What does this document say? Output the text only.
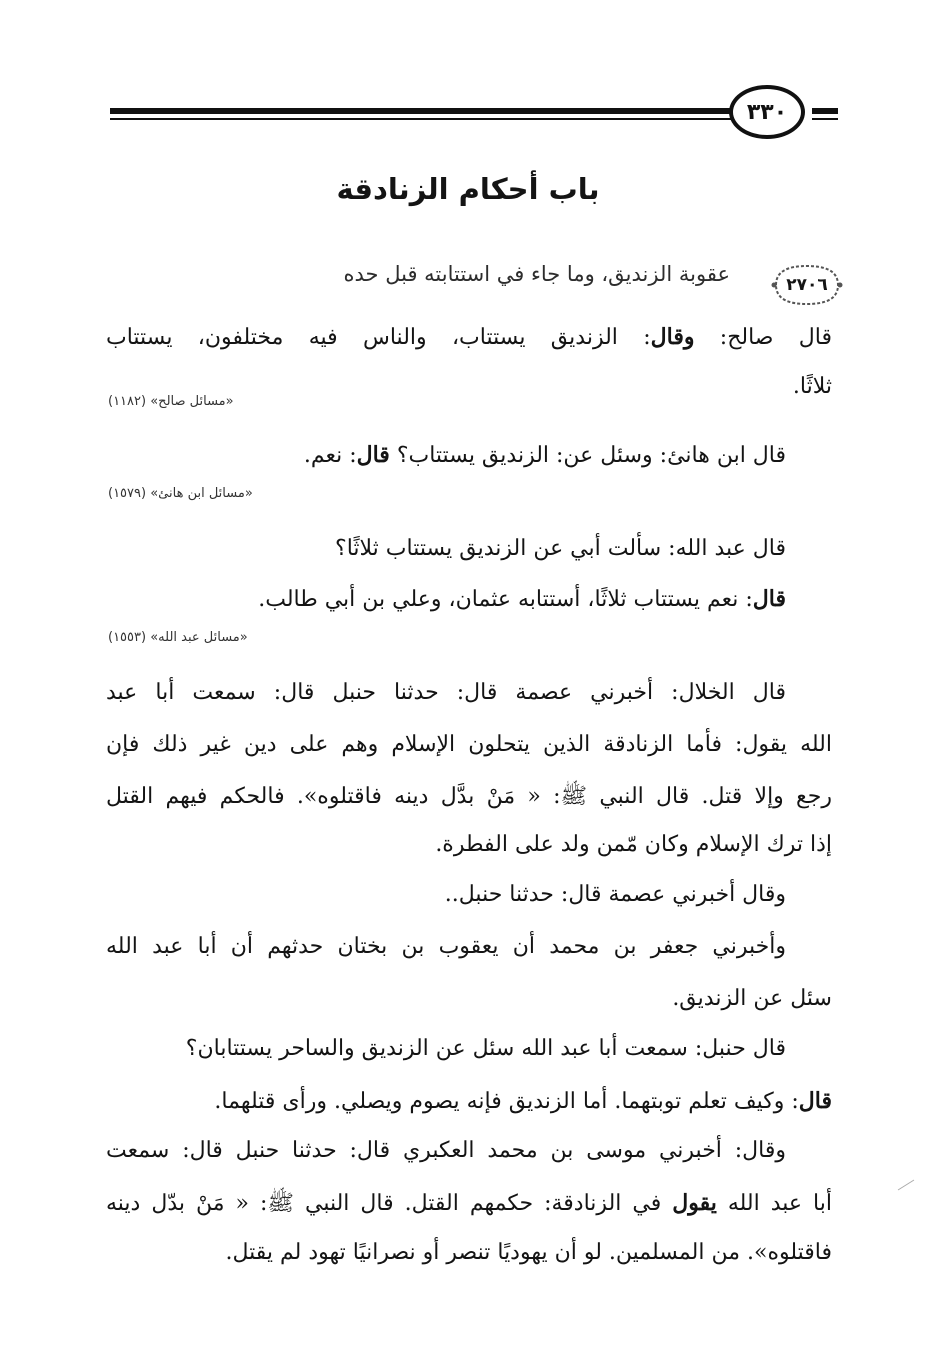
٣٣٠
باب أحكام الزنادقة
٢٧٠٦
عقوبة الزنديق، وما جاء في استتابته قبل حده
قال صالح: وقال: الزنديق يستتاب، والناس فيه مختلفون، يستتاب
ثلاثًا.
«مسائل صالح» (١١٨٢)
قال ابن هانئ: وسئل عن: الزنديق يستتاب؟ قال: نعم.
«مسائل ابن هانئ» (١٥٧٩)
قال عبد الله: سألت أبي عن الزنديق يستتاب ثلاثًا؟
قال: نعم يستتاب ثلاثًا، أستتابه عثمان، وعلي بن أبي طالب.
«مسائل عبد الله» (١٥٥٣)
قال الخلال: أخبرني عصمة قال: حدثنا حنبل قال: سمعت أبا عبد
الله يقول: فأما الزنادقة الذين يتحلون الإسلام وهم على دين غير ذلك فإن
رجع وإلا قتل. قال النبي ﷺ: « مَنْ بدَّل دينه فاقتلوه». فالحكم فيهم القتل
إذا ترك الإسلام وكان مّمن ولد على الفطرة.
وقال أخبرني عصمة قال: حدثنا حنبل..
وأخبرني جعفر بن محمد أن يعقوب بن بختان حدثهم أن أبا عبد الله
سئل عن الزنديق.
قال حنبل: سمعت أبا عبد الله سئل عن الزنديق والساحر يستتابان؟
قال: وكيف تعلم توبتهما. أما الزنديق فإنه يصوم ويصلي. ورأى قتلهما.
وقال: أخبرني موسى بن محمد العكبري قال: حدثنا حنبل قال: سمعت
أبا عبد الله يقول في الزنادقة: حكمهم القتل. قال النبي ﷺ: « مَنْ بدّل دينه
فاقتلوه». من المسلمين. لو أن يهوديًا تنصر أو نصرانيًا تهود لم يقتل.
